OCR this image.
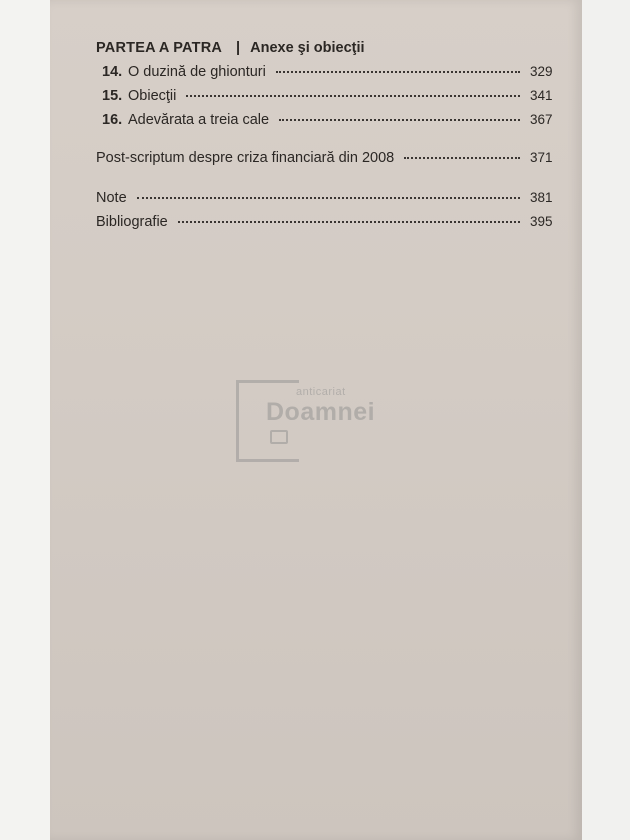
PARTEA A PATRA | Anexe şi obiecţii
14. O duzină de ghionturi	329
15. Obiecţii	341
16. Adevărata a treia cale	367
Post-scriptum despre criza financiară din 2008	371
Note	381
Bibliografie	395
anticariat
Doamnei
